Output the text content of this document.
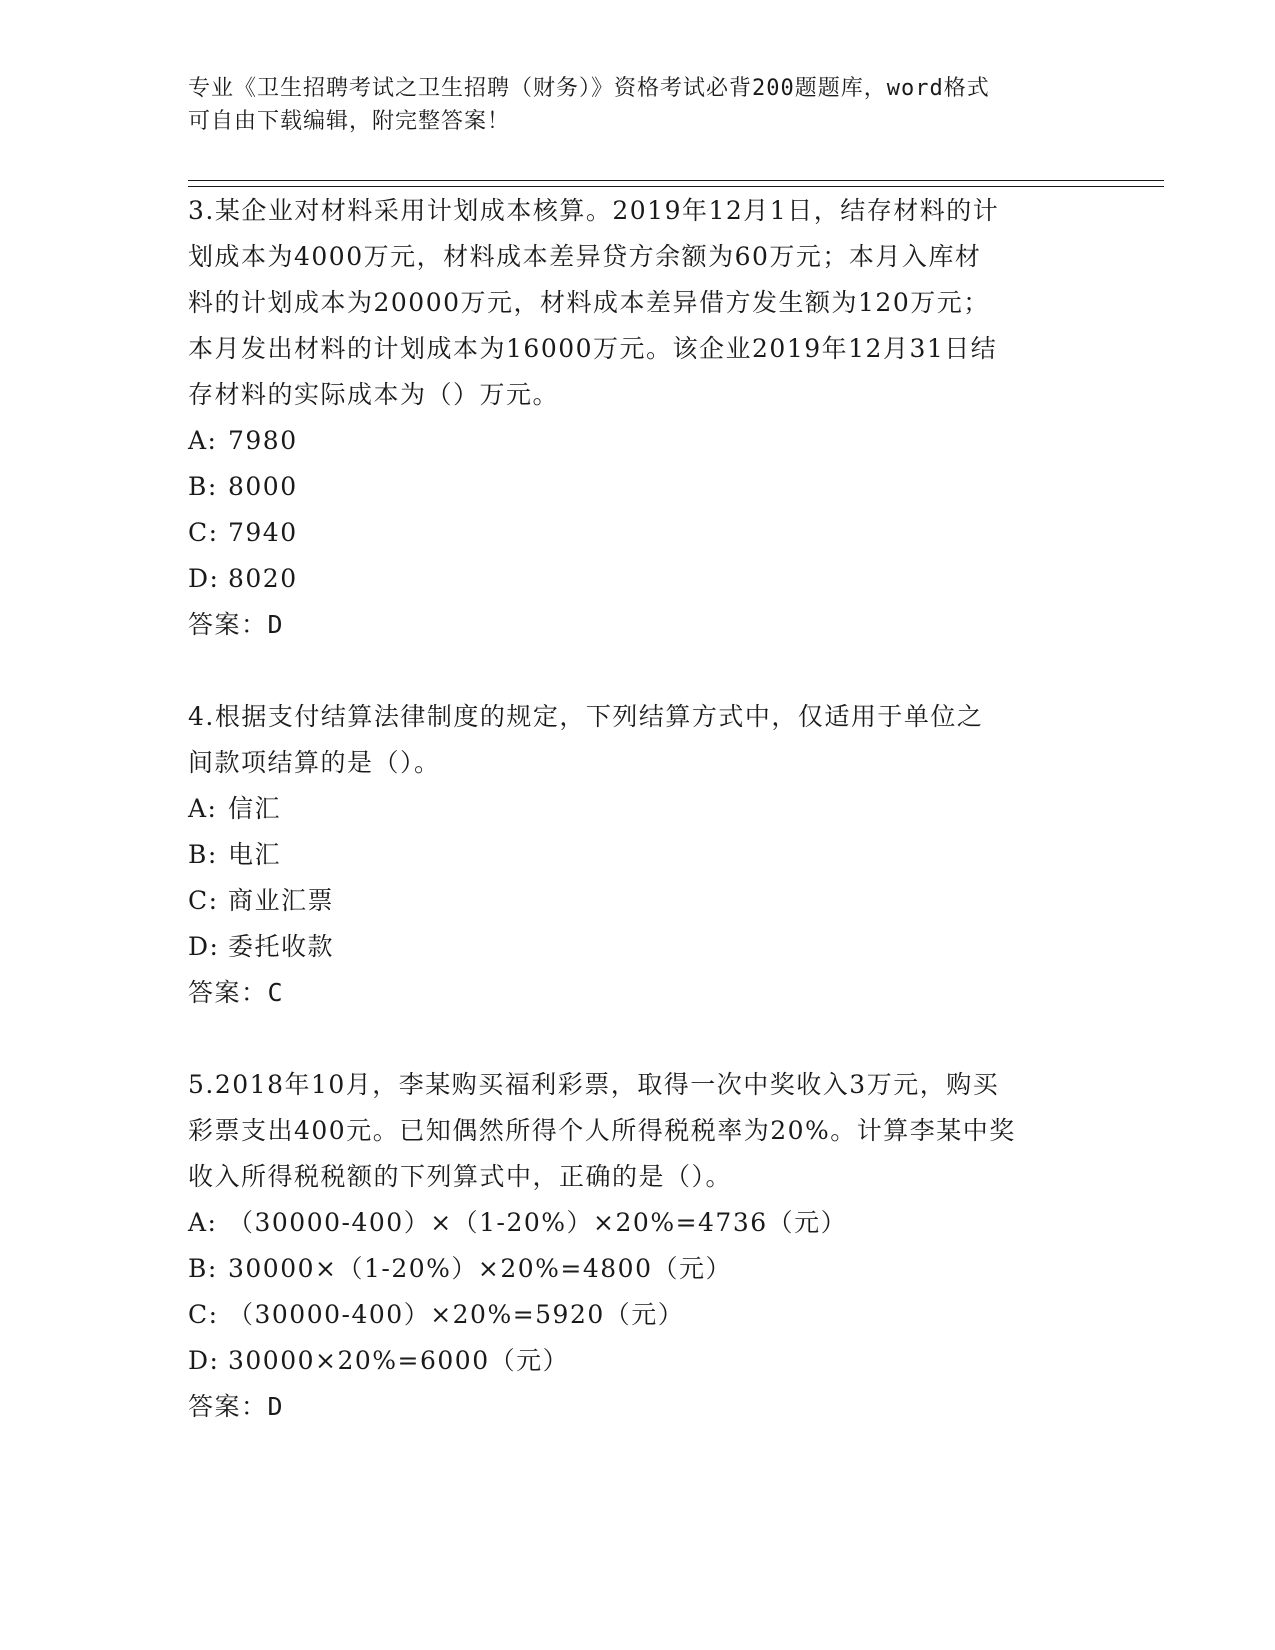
专业《卫生招聘考试之卫生招聘（财务）》资格考试必背200题题库，word格式

可自由下载编辑，附完整答案！

3.某企业对材料采用计划成本核算。2019年12月1日，结存材料的计
划成本为4000万元，材料成本差异贷方余额为60万元；本月入库材
料的计划成本为20000万元，材料成本差异借方发生额为120万元；
本月发出材料的计划成本为16000万元。该企业2019年12月31日结
存材料的实际成本为（）万元。

A: 7980

B: 8000

C: 7940

D: 8020

答案：D

4.根据支付结算法律制度的规定，下列结算方式中，仅适用于单位之
间款项结算的是（）。

A: 信汇

B: 电汇

C: 商业汇票

D: 委托收款

答案：C

5.2018年10月，李某购买福利彩票，取得一次中奖收入3万元，购买
彩票支出400元。已知偶然所得个人所得税税率为20%。计算李某中奖
收入所得税税额的下列算式中，正确的是（）。

A: （30000-400）×（1-20%）×20%=4736（元）

B: 30000×（1-20%）×20%=4800（元）

C: （30000-400）×20%=5920（元）

D: 30000×20%=6000（元）

答案：D
